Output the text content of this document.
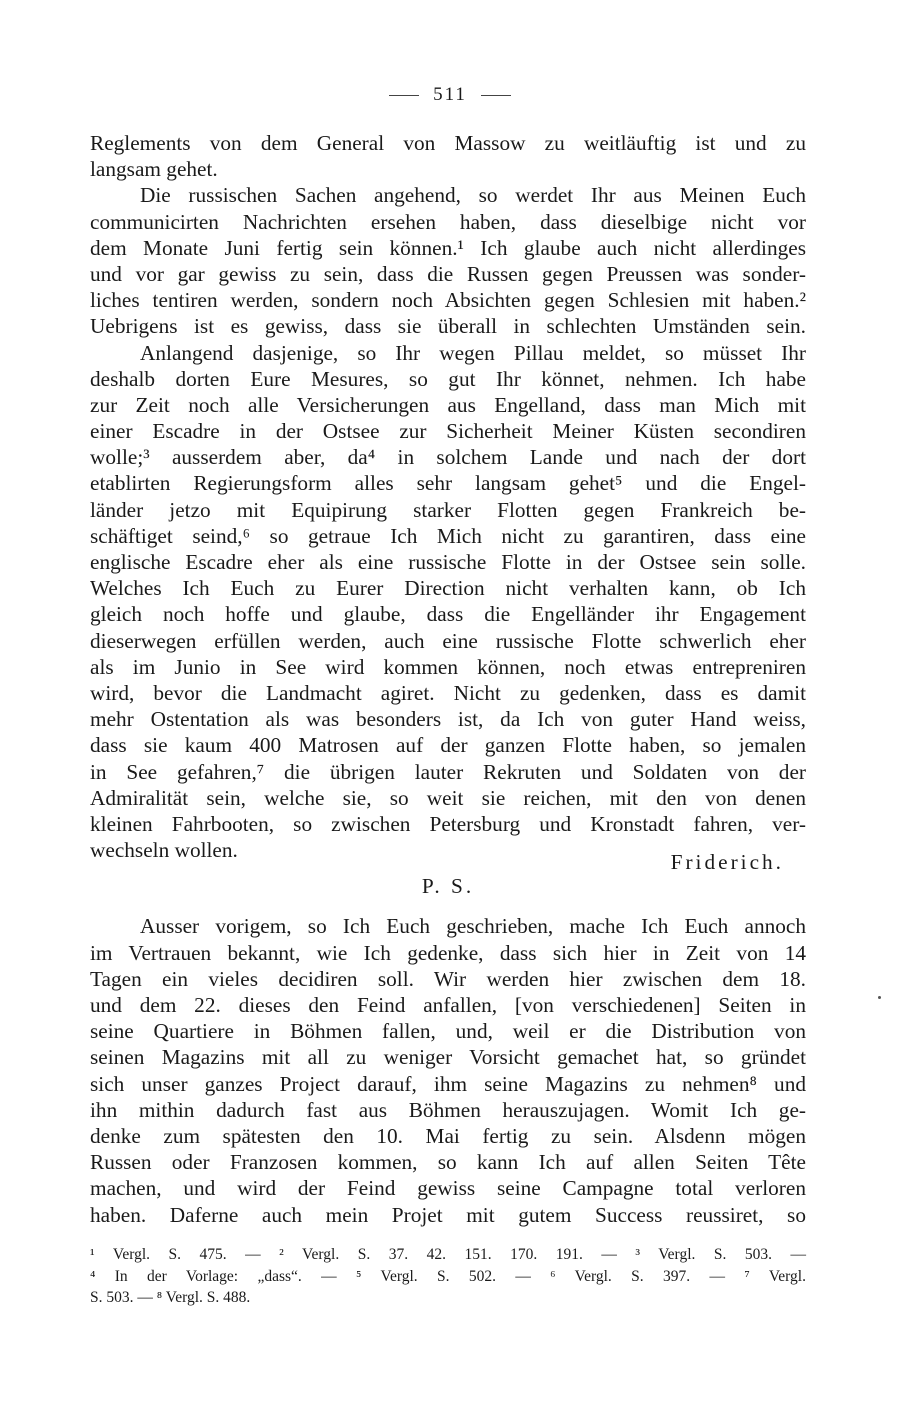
511
Reglements von dem General von Massow zu weitläuftig ist und zu
langsam gehet.
Die russischen Sachen angehend, so werdet Ihr aus Meinen Euch
communicirten Nachrichten ersehen haben, dass dieselbige nicht vor
dem Monate Juni fertig sein können.¹ Ich glaube auch nicht allerdinges
und vor gar gewiss zu sein, dass die Russen gegen Preussen was sonder-
liches tentiren werden, sondern noch Absichten gegen Schlesien mit haben.²
Uebrigens ist es gewiss, dass sie überall in schlechten Umständen sein.
Anlangend dasjenige, so Ihr wegen Pillau meldet, so müsset Ihr
deshalb dorten Eure Mesures, so gut Ihr könnet, nehmen. Ich habe
zur Zeit noch alle Versicherungen aus Engelland, dass man Mich mit
einer Escadre in der Ostsee zur Sicherheit Meiner Küsten secondiren
wolle;³ ausserdem aber, da⁴ in solchem Lande und nach der dort
etablirten Regierungsform alles sehr langsam gehet⁵ und die Engel-
länder jetzo mit Equipirung starker Flotten gegen Frankreich be-
schäftiget seind,⁶ so getraue Ich Mich nicht zu garantiren, dass eine
englische Escadre eher als eine russische Flotte in der Ostsee sein solle.
Welches Ich Euch zu Eurer Direction nicht verhalten kann, ob Ich
gleich noch hoffe und glaube, dass die Engelländer ihr Engagement
dieserwegen erfüllen werden, auch eine russische Flotte schwerlich eher
als im Junio in See wird kommen können, noch etwas entrepreniren
wird, bevor die Landmacht agiret. Nicht zu gedenken, dass es damit
mehr Ostentation als was besonders ist, da Ich von guter Hand weiss,
dass sie kaum 400 Matrosen auf der ganzen Flotte haben, so jemalen
in See gefahren,⁷ die übrigen lauter Rekruten und Soldaten von der
Admiralität sein, welche sie, so weit sie reichen, mit den von denen
kleinen Fahrbooten, so zwischen Petersburg und Kronstadt fahren, ver-
wechseln wollen.	Friderich.
P. S.
Ausser vorigem, so Ich Euch geschrieben, mache Ich Euch annoch
im Vertrauen bekannt, wie Ich gedenke, dass sich hier in Zeit von 14
Tagen ein vieles decidiren soll. Wir werden hier zwischen dem 18.
und dem 22. dieses den Feind anfallen, [von verschiedenen] Seiten in
seine Quartiere in Böhmen fallen, und, weil er die Distribution von
seinen Magazins mit all zu weniger Vorsicht gemachet hat, so gründet
sich unser ganzes Project darauf, ihm seine Magazins zu nehmen⁸ und
ihn mithin dadurch fast aus Böhmen herauszujagen. Womit Ich ge-
denke zum spätesten den 10. Mai fertig zu sein. Alsdenn mögen
Russen oder Franzosen kommen, so kann Ich auf allen Seiten Tête
machen, und wird der Feind gewiss seine Campagne total verloren
haben. Daferne auch mein Projet mit gutem Success reussiret, so
¹ Vergl. S. 475. — ² Vergl. S. 37. 42. 151. 170. 191. — ³ Vergl. S. 503. —
⁴ In der Vorlage: „dass“. — ⁵ Vergl. S. 502. — ⁶ Vergl. S. 397. — ⁷ Vergl.
S. 503. — ⁸ Vergl. S. 488.
